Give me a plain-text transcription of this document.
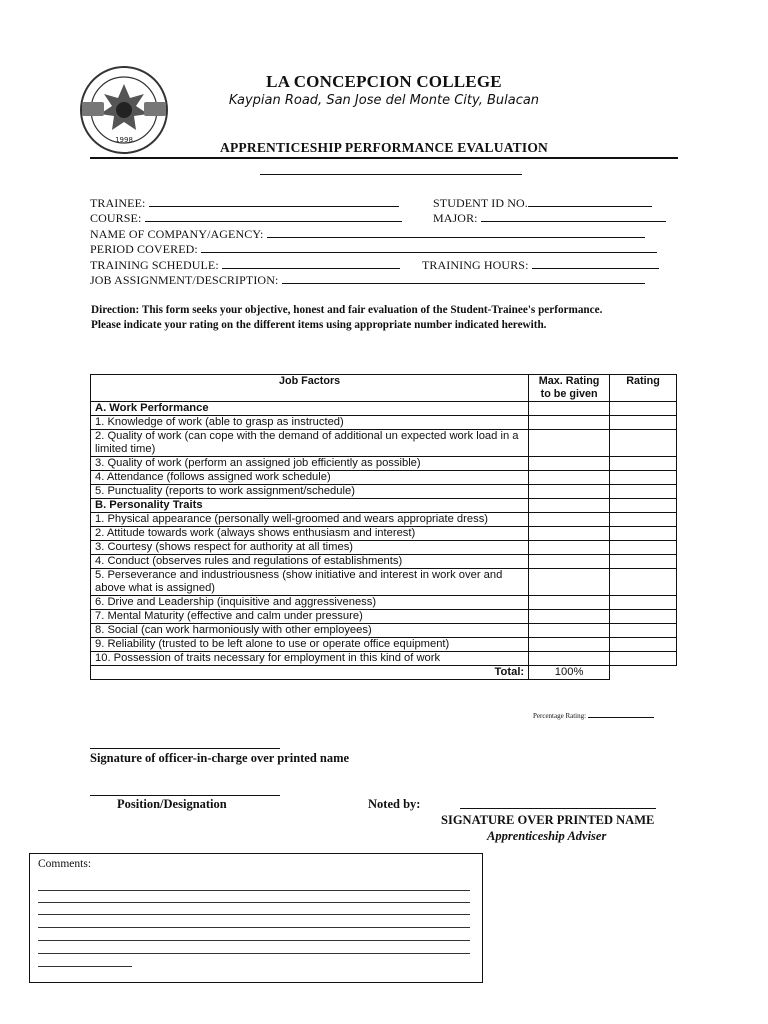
1998
LA CONCEPCION COLLEGE
Kaypian Road, San Jose del Monte City, Bulacan
APPRENTICESHIP PERFORMANCE EVALUATION
TRAINEE:	STUDENT ID NO.
COURSE:	MAJOR:
NAME OF COMPANY/AGENCY:
PERIOD COVERED:
TRAINING SCHEDULE:	TRAINING HOURS:
JOB ASSIGNMENT/DESCRIPTION:
Direction: This form seeks your objective, honest and fair evaluation of the Student-Trainee's performance.
Please indicate your rating on the different items using appropriate number indicated herewith.
Job Factors	Max. Rating to be given	Rating
A. Work Performance		
1. Knowledge of work (able to grasp as instructed)		
2. Quality of work (can cope with the demand of additional un expected work load in a limited time)		
3. Quality of work (perform an assigned job efficiently as possible)		
4. Attendance (follows assigned work schedule)		
5. Punctuality (reports to work assignment/schedule)		
B. Personality Traits		
1. Physical appearance (personally well-groomed and wears appropriate dress)		
2. Attitude towards work (always shows enthusiasm and interest)		
3. Courtesy (shows respect for authority at all times)		
4. Conduct (observes rules and regulations of establishments)		
5. Perseverance and industriousness (show initiative and interest in work over and above what is assigned)		
6. Drive and Leadership (inquisitive and aggressiveness)		
7. Mental Maturity (effective and calm under pressure)		
8. Social (can work harmoniously with other employees)		
9. Reliability (trusted to be left alone to use or operate office equipment)		
10. Possession of traits necessary for employment in this kind of work		
Total:	100%	
Percentage Rating:
Signature of officer-in-charge over printed name
Position/Designation	Noted by:
SIGNATURE OVER PRINTED NAME
Apprenticeship Adviser
Comments:
